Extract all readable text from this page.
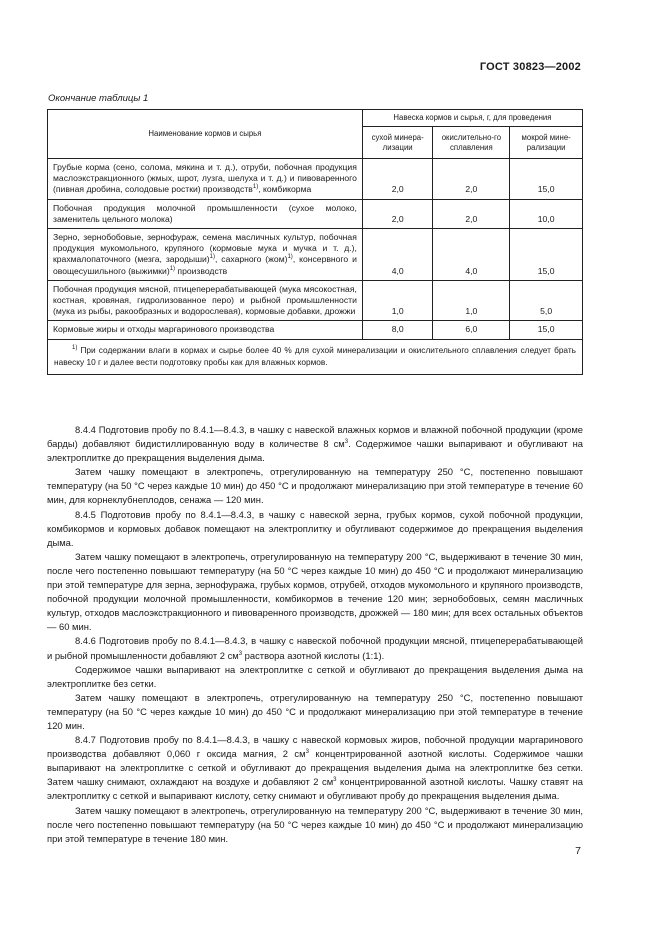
ГОСТ 30823—2002
Окончание таблицы 1
Наименование кормов и сырья	Навеска кормов и сырья, г, для проведения		
	сухой минера-лизации	окислительно-го сплавления	мокрой мине-рализации
Грубые корма (сено, солома, мякина и т. д.), отруби, побочная продукция маслоэкстракционного (жмых, шрот, лузга, шелуха и т. д.) и пивоваренного (пивная дробина, солодовые ростки) производств$^{1)}$, комбикорма	2,0	2,0	15,0
Побочная продукция молочной промышленности (сухое молоко, заменитель цельного молока)	2,0	2,0	10,0
Зерно, зернобобовые, зернофураж, семена масличных культур, побочная продукция мукомольного, крупяного (кормовые мука и мучка и т. д.), крахмалопаточного (мезга, зародыши)$^{1)}$, сахарного (жом)$^{1)}$, консервного и овощесушильного (выжимки)$^{1)}$ производств	4,0	4,0	15,0
Побочная продукция мясной, птицеперерабатывающей (мука мясокостная, костная, кровяная, гидролизованное перо) и рыбной промышленности (мука из рыбы, ракообразных и водорослевая), кормовые добавки, дрожжи	1,0	1,0	5,0
Кормовые жиры и отходы маргаринового производства	8,0	6,0	15,0

$^{1)}$ При содержании влаги в кормах и сырье более 40 % для сухой минерализации и окислительного сплавления следует брать навеску 10 г и далее вести подготовку пробы как для влажных кормов.			

8.4.4 Подготовив пробу по 8.4.1—8.4.3, в чашку с навеской влажных кормов и влажной побочной продукции (кроме барды) добавляют бидистиллированную воду в количестве 8 $см^3$. Содержимое чашки выпаривают и обугливают на электроплитке до прекращения выделения дыма.

Затем чашку помещают в электропечь, отрегулированную на температуру 250 °С, постепенно повышают температуру (на 50 °С через каждые 10 мин) до 450 °С и продолжают минерализацию при этой температуре в течение 60 мин, для корнеклубнеплодов, сенажа — 120 мин.

8.4.5 Подготовив пробу по 8.4.1—8.4.3, в чашку с навеской зерна, грубых кормов, сухой побочной продукции, комбикормов и кормовых добавок помещают на электроплитку и обугливают содержимое до прекращения выделения дыма.

Затем чашку помещают в электропечь, отрегулированную на температуру 200 °С, выдерживают в течение 30 мин, после чего постепенно повышают температуру (на 50 °С через каждые 10 мин) до 450 °С и продолжают минерализацию при этой температуре для зерна, зернофуража, грубых кормов, отрубей, отходов мукомольного и крупяного производств, побочной продукции молочной промышленности, комбикормов в течение 120 мин; зернобобовых, семян масличных культур, отходов маслоэкстракционного и пивоваренного производств, дрожжей — 180 мин; для всех остальных объектов — 60 мин.

8.4.6 Подготовив пробу по 8.4.1—8.4.3, в чашку с навеской побочной продукции мясной, птицеперерабатывающей и рыбной промышленности добавляют 2 $см^3$ раствора азотной кислоты (1:1).

Содержимое чашки выпаривают на электроплитке с сеткой и обугливают до прекращения выделения дыма на электроплитке без сетки.

Затем чашку помещают в электропечь, отрегулированную на температуру 250 °С, постепенно повышают температуру (на 50 °С через каждые 10 мин) до 450 °С и продолжают минерализацию при этой температуре в течение 120 мин.

8.4.7 Подготовив пробу по 8.4.1—8.4.3, в чашку с навеской кормовых жиров, побочной продукции маргаринового производства добавляют 0,060 г оксида магния, 2 $см^3$ концентрированной азотной кислоты. Содержимое чашки выпаривают на электроплитке с сеткой и обугливают до прекращения выделения дыма на электроплитке без сетки. Затем чашку снимают, охлаждают на воздухе и добавляют 2 $см^3$ концентрированной азотной кислоты. Чашку ставят на электроплитку с сеткой и выпаривают кислоту, сетку снимают и обугливают пробу до прекращения выделения дыма.

Затем чашку помещают в электропечь, отрегулированную на температуру 200 °С, выдерживают в течение 30 мин, после чего постепенно повышают температуру (на 50 °С через каждые 10 мин) до 450 °С и продолжают минерализацию при этой температуре в течение 180 мин.

7
